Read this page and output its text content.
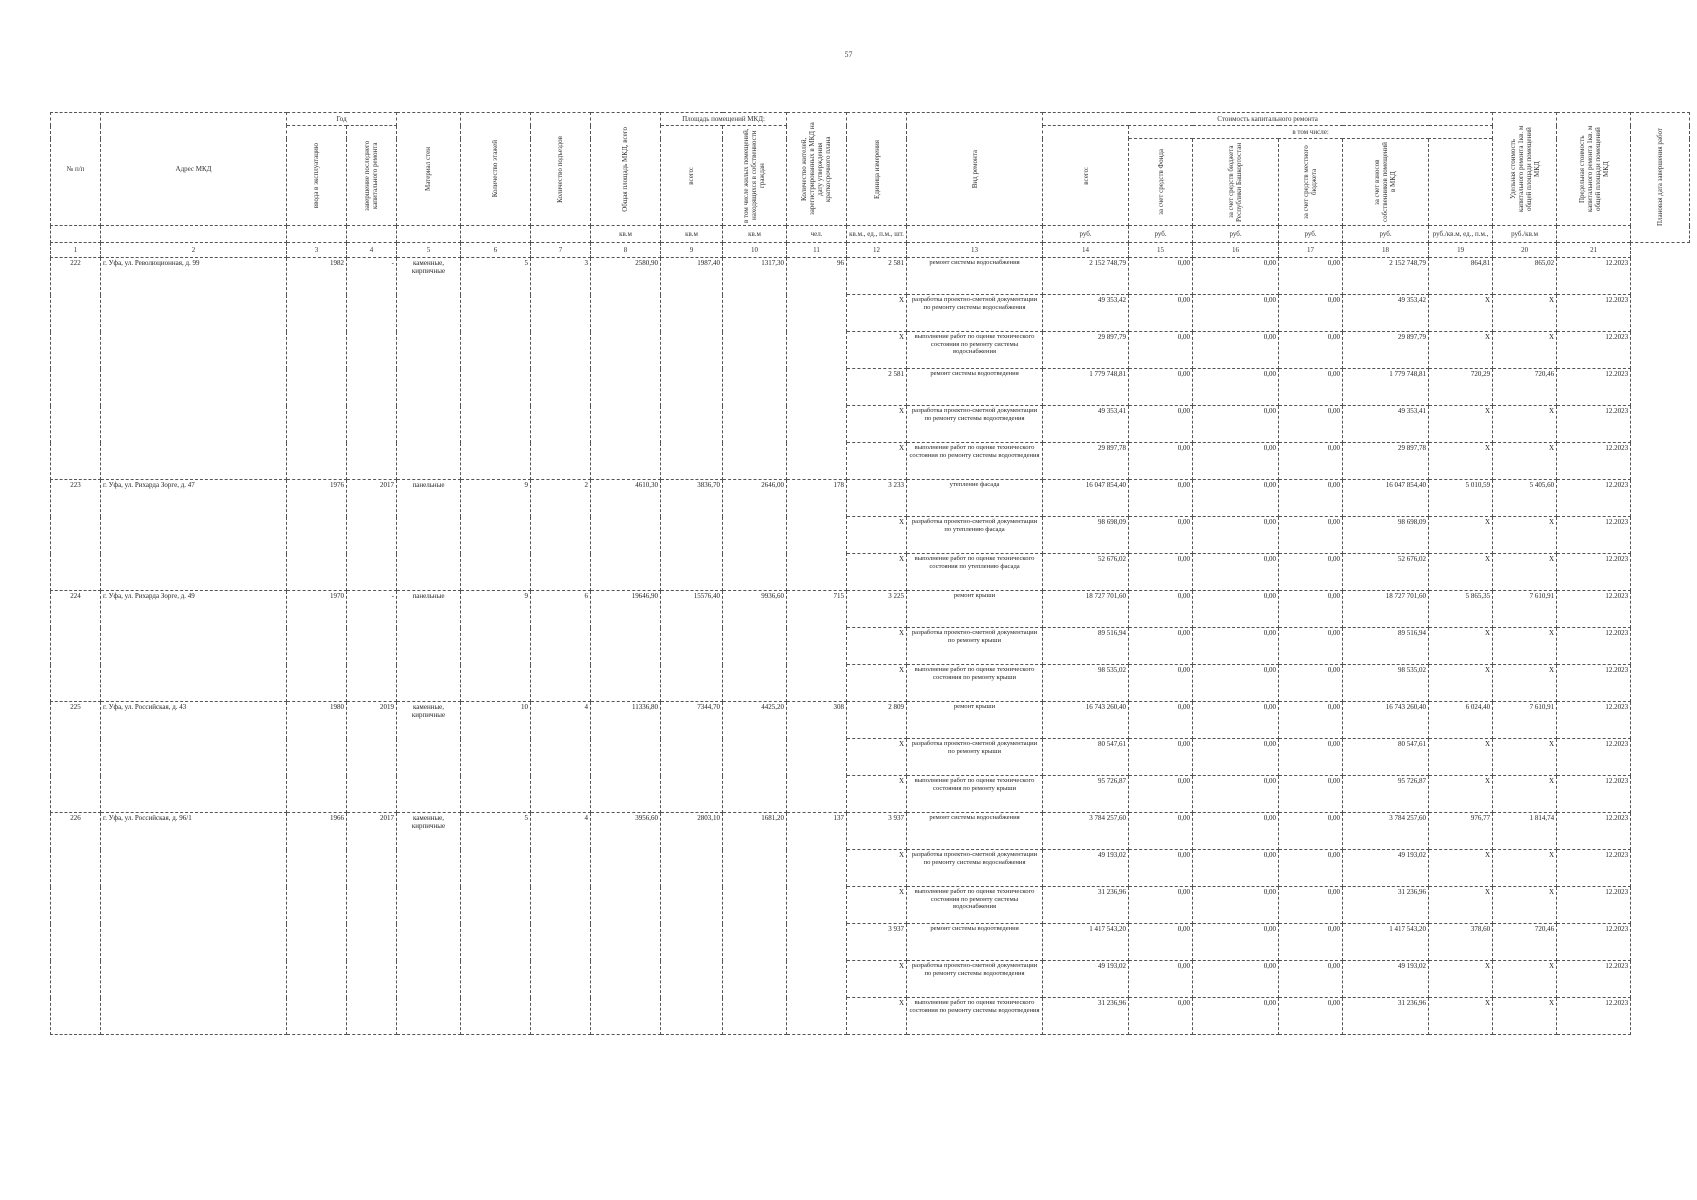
57
№ п/п	Адрес МКД	Год		Материал стен	Количество этажей	Количество подъездов	Общая площадь МКД, всего	Площадь помещений МКД:		Количество жителей, зарегистрированных в МКД на дату утверждения краткосрочного плана	Единица измерения	Вид ремонта	Стоимость капитального ремонта						Удельная стоимость капитального ремонта 1кв. м общей площади помещений МКД	Предельная стоимость капитального ремонта 1кв. м общей площади помещений МКД	Плановая дата завершения работ

		ввода в эксплуатацию	завершение последнего капитального ремонта					всего:	в том числе жилых помещений, находящихся в собственности граждан				всего:	в том числе:							

														за счет средств Фонда	за счет средств бюджета Республики Башкортостан	за счет средств местного бюджета	за счет взносов собственников помещений в МКД				

							кв.м	кв.м	кв.м	чел.	кв.м., ед., п.м., шт.		руб.	руб.	руб.	руб.	руб.	руб./кв.м, ед., п.м.,	руб./кв.м		
1	2	3	4	5	6	7	8	9	10	11	12	13	14	15	16	17	18	19	20	21	
222	г. Уфа, ул. Революционная, д. 99	1982	-	каменные, кирпичные	5	3	2580,90	1987,40	1317,30	96	2 581	ремонт системы водоснабжения	2 152 748,79	0,00	0,00	0,00	2 152 748,79	864,81	865,02	12.2023	
											X	разработка проектно-сметной документации по ремонту системы водоснабжения	49 353,42	0,00	0,00	0,00	49 353,42	X	X	12.2023	
											X	выполнение работ по оценке технического состояния по ремонту системы водоснабжения	29 897,79	0,00	0,00	0,00	29 897,79	X	X	12.2023	
											2 581	ремонт системы водоотведения	1 779 748,81	0,00	0,00	0,00	1 779 748,81	720,29	720,46	12.2023	
											X	разработка проектно-сметной документации по ремонту системы водоотведения	49 353,41	0,00	0,00	0,00	49 353,41	X	X	12.2023	
											X	выполнение работ по оценке технического состояния по ремонту системы водоотведения	29 897,78	0,00	0,00	0,00	29 897,78	X	X	12.2023	
223	г. Уфа, ул. Рихарда Зорге, д. 47	1976	2017	панельные	9	2	4610,30	3836,70	2646,00	178	3 233	утепление фасада	16 047 854,40	0,00	0,00	0,00	16 047 854,40	5 010,59	5 405,60	12.2023	
											X	разработка проектно-сметной документации по утеплению фасада	98 698,09	0,00	0,00	0,00	98 698,09	X	X	12.2023	
											X	выполнение работ по оценке технического состояния по утеплению фасада	52 676,02	0,00	0,00	0,00	52 676,02	X	X	12.2023	
224	г. Уфа, ул. Рихарда Зорге, д. 49	1970	-	панельные	9	6	19646,90	15576,40	9936,60	715	3 225	ремонт крыши	18 727 701,60	0,00	0,00	0,00	18 727 701,60	5 865,35	7 610,91	12.2023	
											X	разработка проектно-сметной документации по ремонту крыши	89 516,94	0,00	0,00	0,00	89 516,94	X	X	12.2023	
											X	выполнение работ по оценке технического состояния по ремонту крыши	98 535,02	0,00	0,00	0,00	98 535,02	X	X	12.2023	
225	г. Уфа, ул. Российская, д. 43	1980	2019	каменные, кирпичные	10	4	11336,80	7344,70	4425,20	308	2 809	ремонт крыши	16 743 260,40	0,00	0,00	0,00	16 743 260,40	6 024,40	7 610,91	12.2023	
											X	разработка проектно-сметной документации по ремонту крыши	80 547,61	0,00	0,00	0,00	80 547,61	X	X	12.2023	
											X	выполнение работ по оценке технического состояния по ремонту крыши	95 726,87	0,00	0,00	0,00	95 726,87	X	X	12.2023	
226	г. Уфа, ул. Российская, д. 96/1	1966	2017	каменные, кирпичные	5	4	3956,60	2803,10	1681,20	137	3 937	ремонт системы водоснабжения	3 784 257,60	0,00	0,00	0,00	3 784 257,60	976,77	1 814,74	12.2023	
											X	разработка проектно-сметной документации по ремонту системы водоснабжения	49 193,02	0,00	0,00	0,00	49 193,02	X	X	12.2023	
											X	выполнение работ по оценке технического состояния по ремонту системы водоснабжения	31 236,96	0,00	0,00	0,00	31 236,96	X	X	12.2023	
											3 937	ремонт системы водоотведения	1 417 543,20	0,00	0,00	0,00	1 417 543,20	378,60	720,46	12.2023	
											X	разработка проектно-сметной документации по ремонту системы водоотведения	49 193,02	0,00	0,00	0,00	49 193,02	X	X	12.2023	
											X	выполнение работ по оценке технического состояния по ремонту системы водоотведения	31 236,96	0,00	0,00	0,00	31 236,96	X	X	12.2023	
